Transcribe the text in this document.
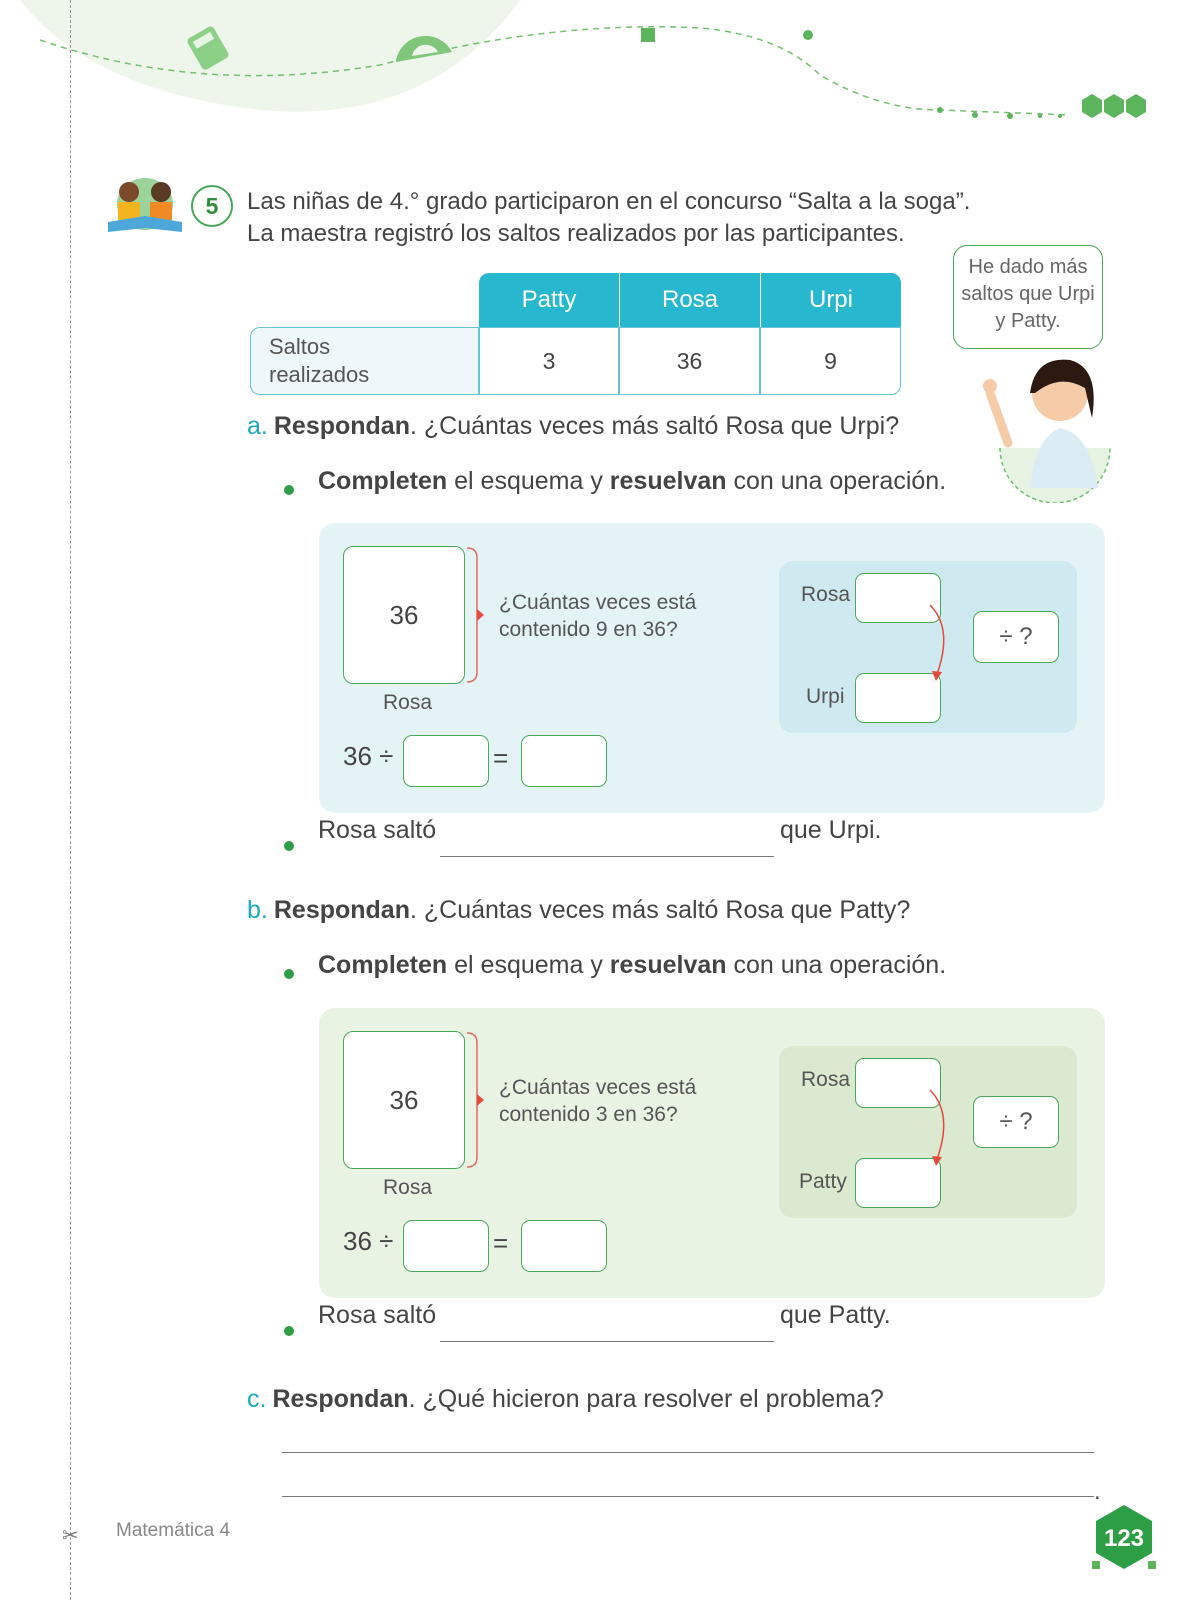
5	Las niñas de 4.° grado participaron en el concurso “Salta a la soga”.
La maestra registró los saltos realizados por las participantes.
	Patty	Rosa	Urpi

Saltos
realizados	3	36	9
He dado más
saltos que Urpi
y Patty.
a. Respondan. ¿Cuántas veces más saltó Rosa que Urpi?
Completen el esquema y resuelvan con una operación.
36
Rosa
¿Cuántas veces está
contenido 9 en 36?
Rosa
Urpi
÷ ?
36 ÷	=
Rosa saltó	que Urpi.
b. Respondan. ¿Cuántas veces más saltó Rosa que Patty?
Completen el esquema y resuelvan con una operación.
36
Rosa
¿Cuántas veces está
contenido 3 en 36?
Rosa
Patty
÷ ?
36 ÷	=
Rosa saltó	que Patty.
c. Respondan. ¿Qué hicieron para resolver el problema?
.
✂ Matemática 4	123
